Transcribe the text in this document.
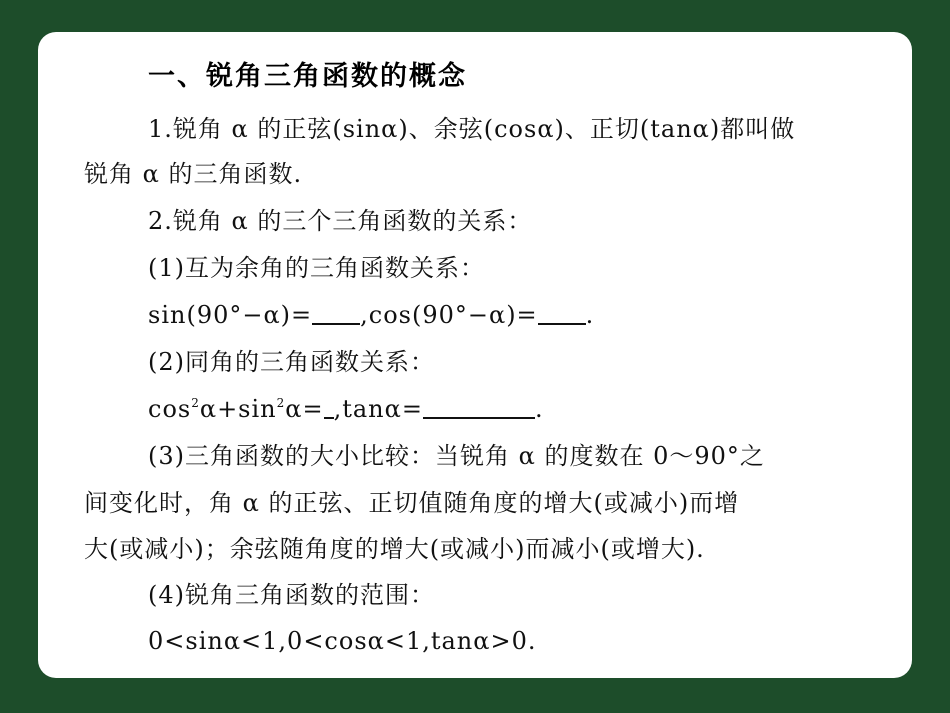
一、锐角三角函数的概念
1.锐角 α 的正弦(sinα)、余弦(cosα)、正切(tanα)都叫做
锐角 α 的三角函数.
2.锐角 α 的三个三角函数的关系：
(1)互为余角的三角函数关系：
sin(90°−α)= ,cos(90°−α)= .
(2)同角的三角函数关系：
$\cos^2\alpha+\sin^2\alpha= ,\tan\alpha=$	.
(3)三角函数的大小比较：当锐角 α 的度数在 0～90°之
间变化时，角 α 的正弦、正切值随角度的增大(或减小)而增
大(或减小)；余弦随角度的增大(或减小)而减小(或增大).
(4)锐角三角函数的范围：
0<sinα<1,0<cosα<1,tanα>0.
